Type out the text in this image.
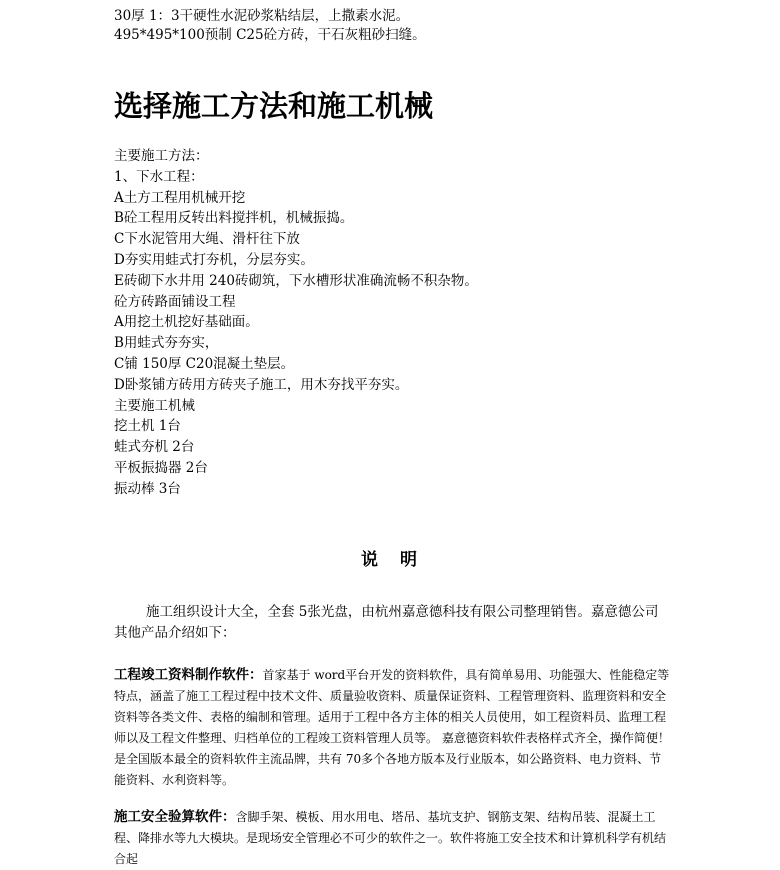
30厚 1：3干硬性水泥砂浆粘结层，上撒素水泥。
495*495*100预制 C25砼方砖，干石灰粗砂扫缝。
选择施工方法和施工机械
主要施工方法：
1、下水工程：
A土方工程用机械开挖
B砼工程用反转出料搅拌机，机械振捣。
C下水泥管用大绳、滑杆往下放
D夯实用蛙式打夯机，分层夯实。
E砖砌下水井用 240砖砌筑，下水槽形状准确流畅不积杂物。
砼方砖路面铺设工程
A用挖土机挖好基础面。
B用蛙式夯夯实，
C铺 150厚 C20混凝土垫层。
D卧浆铺方砖用方砖夹子施工，用木夯找平夯实。
主要施工机械
挖土机 1台
蛙式夯机 2台
平板振捣器 2台
振动棒 3台
说明

施工组织设计大全，全套 5张光盘，由杭州嘉意德科技有限公司整理销售。嘉意德公司其他产品介绍如下：

工程竣工资料制作软件：首家基于 word平台开发的资料软件，具有简单易用、功能强大、性能稳定等特点，涵盖了施工工程过程中技术文件、质量验收资料、质量保证资料、工程管理资料、监理资料和安全资料等各类文件、表格的编制和管理。适用于工程中各方主体的相关人员使用，如工程资料员、监理工程师以及工程文件整理、归档单位的工程竣工资料管理人员等。 嘉意德资料软件表格样式齐全，操作简便！是全国版本最全的资料软件主流品牌，共有 70多个各地方版本及行业版本，如公路资料、电力资料、节能资料、水利资料等。

施工安全验算软件：含脚手架、模板、用水用电、塔吊、基坑支护、钢筋支架、结构吊装、混凝土工程、降排水等九大模块。是现场安全管理必不可少的软件之一。软件将施工安全技术和计算机科学有机结合起
